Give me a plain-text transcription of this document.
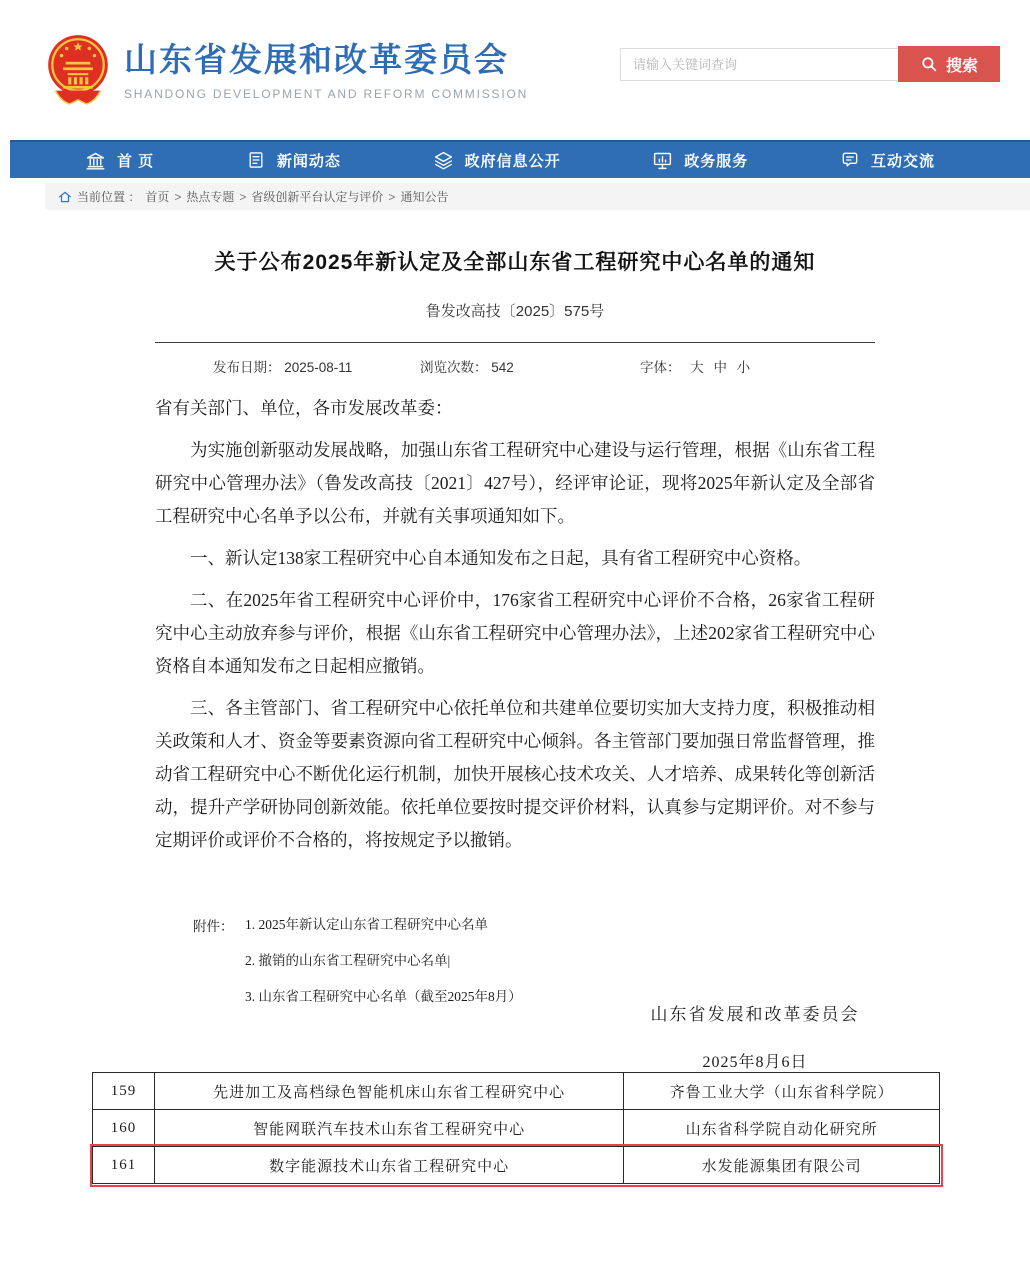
山东省发展和改革委员会
SHANDONG DEVELOPMENT AND REFORM COMMISSION
请输入关键词查询
搜索
首 页	新闻动态	政府信息公开	政务服务	互动交流
当前位置 ： 首页 > 热点专题 > 省级创新平台认定与评价 > 通知公告
关于公布2025年新认定及全部山东省工程研究中心名单的通知
鲁发改高技〔2025〕575号
发布日期： 2025-08-11	浏览次数： 542	字体： 大 中 小
省有关部门、单位，各市发展改革委：

为实施创新驱动发展战略，加强山东省工程研究中心建设与运行管理，根据《山东省工程研究中心管理办法》（鲁发改高技〔2021〕427号），经评审论证，现将2025年新认定及全部省工程研究中心名单予以公布，并就有关事项通知如下。

一、新认定138家工程研究中心自本通知发布之日起，具有省工程研究中心资格。

二、在2025年省工程研究中心评价中，176家省工程研究中心评价不合格，26家省工程研究中心主动放弃参与评价，根据《山东省工程研究中心管理办法》，上述202家省工程研究中心资格自本通知发布之日起相应撤销。

三、各主管部门、省工程研究中心依托单位和共建单位要切实加大支持力度，积极推动相关政策和人才、资金等要素资源向省工程研究中心倾斜。各主管部门要加强日常监督管理，推动省工程研究中心不断优化运行机制，加快开展核心技术攻关、人才培养、成果转化等创新活动，提升产学研协同创新效能。依托单位要按时提交评价材料，认真参与定期评价。对不参与定期评价或评价不合格的，将按规定予以撤销。

附件： 1. 2025年新认定山东省工程研究中心名单
2. 撤销的山东省工程研究中心名单|
3. 山东省工程研究中心名单（截至2025年8月）
山东省发展和改革委员会
2025年8月6日
159	先进加工及高档绿色智能机床山东省工程研究中心	齐鲁工业大学（山东省科学院）
160	智能网联汽车技术山东省工程研究中心	山东省科学院自动化研究所
161	数字能源技术山东省工程研究中心	水发能源集团有限公司
